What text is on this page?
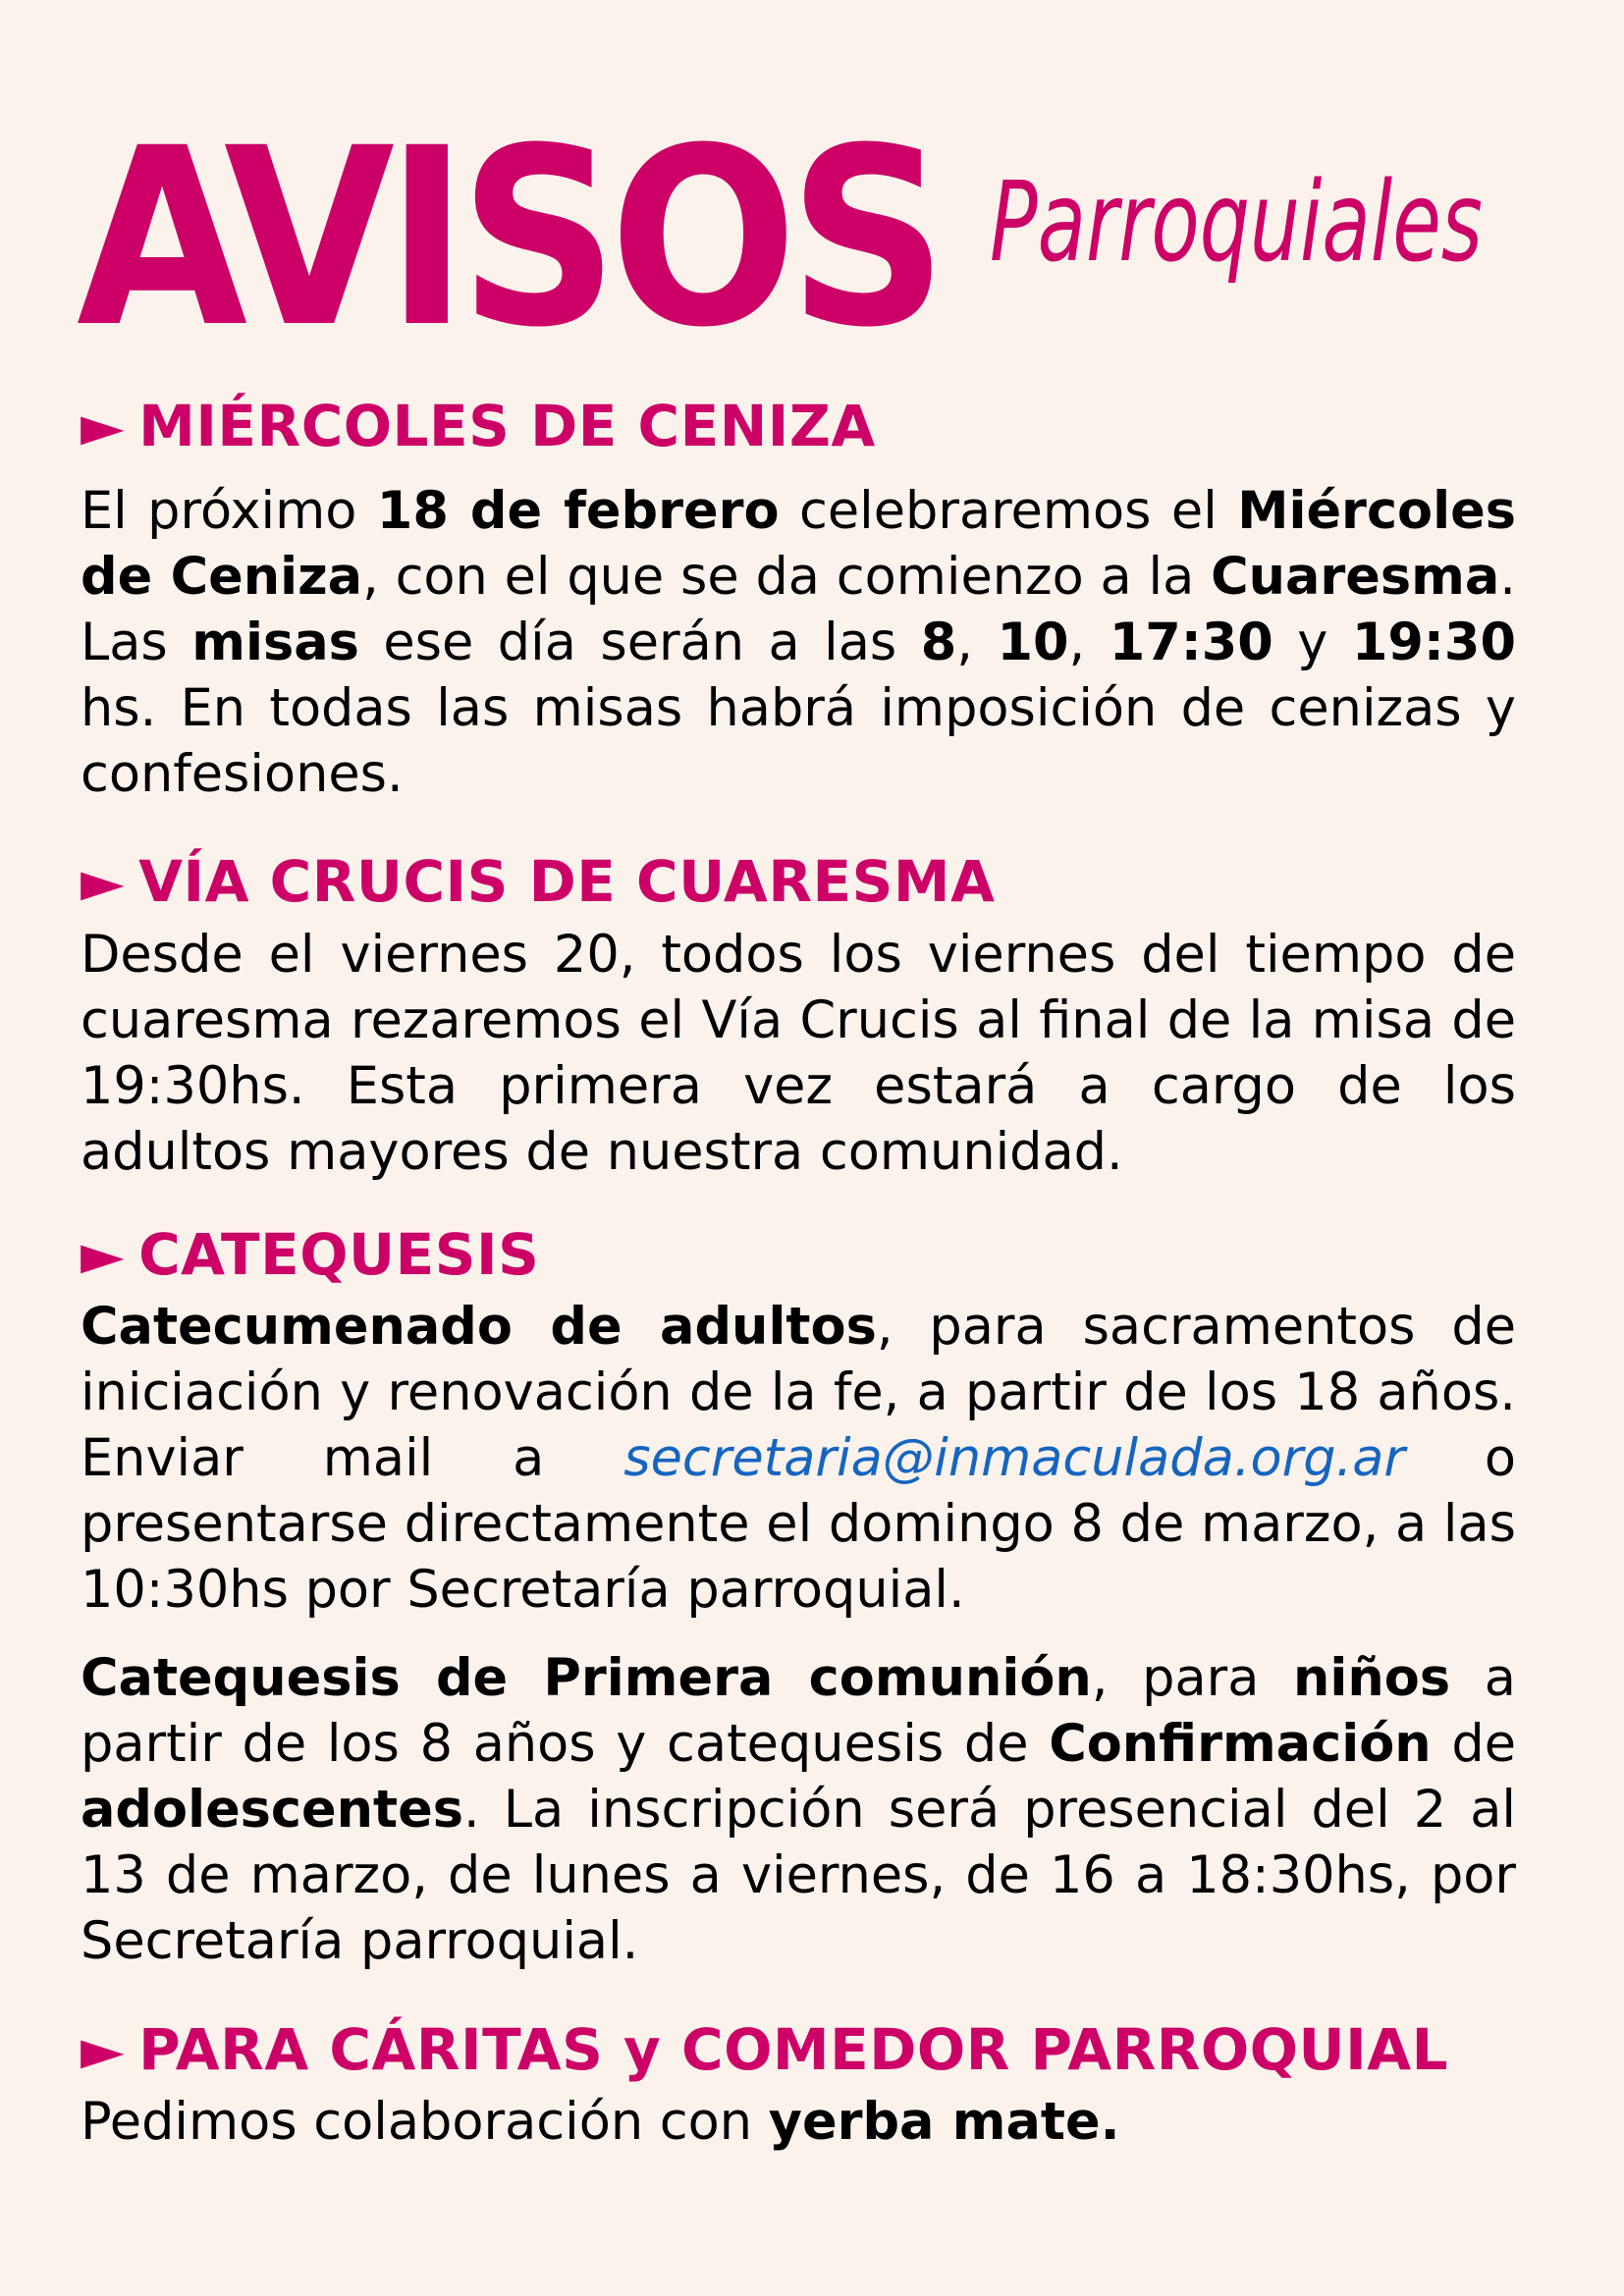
AVISOS Parroquiales
► MIÉRCOLES DE CENIZA
El próximo 18 de febrero celebraremos el Miércoles de Ceniza, con el que se da comienzo a la Cuaresma. Las misas ese día serán a las 8, 10, 17:30 y 19:30 hs. En todas las misas habrá imposición de cenizas y confesiones.
► VÍA CRUCIS DE CUARESMA
Desde el viernes 20, todos los viernes del tiempo de cuaresma rezaremos el Vía Crucis al final de la misa de 19:30hs. Esta primera vez estará a cargo de los adultos mayores de nuestra comunidad.
► CATEQUESIS
Catecumenado de adultos, para sacramentos de iniciación y renovación de la fe, a partir de los 18 años. Enviar mail a secretaria@inmaculada.org.ar o presentarse directamente el domingo 8 de marzo, a las 10:30hs por Secretaría parroquial.
Catequesis de Primera comunión, para niños a partir de los 8 años y catequesis de Confirmación de adolescentes. La inscripción será presencial del 2 al 13 de marzo, de lunes a viernes, de 16 a 18:30hs, por Secretaría parroquial.
► PARA CÁRITAS y COMEDOR PARROQUIAL
Pedimos colaboración con yerba mate.
